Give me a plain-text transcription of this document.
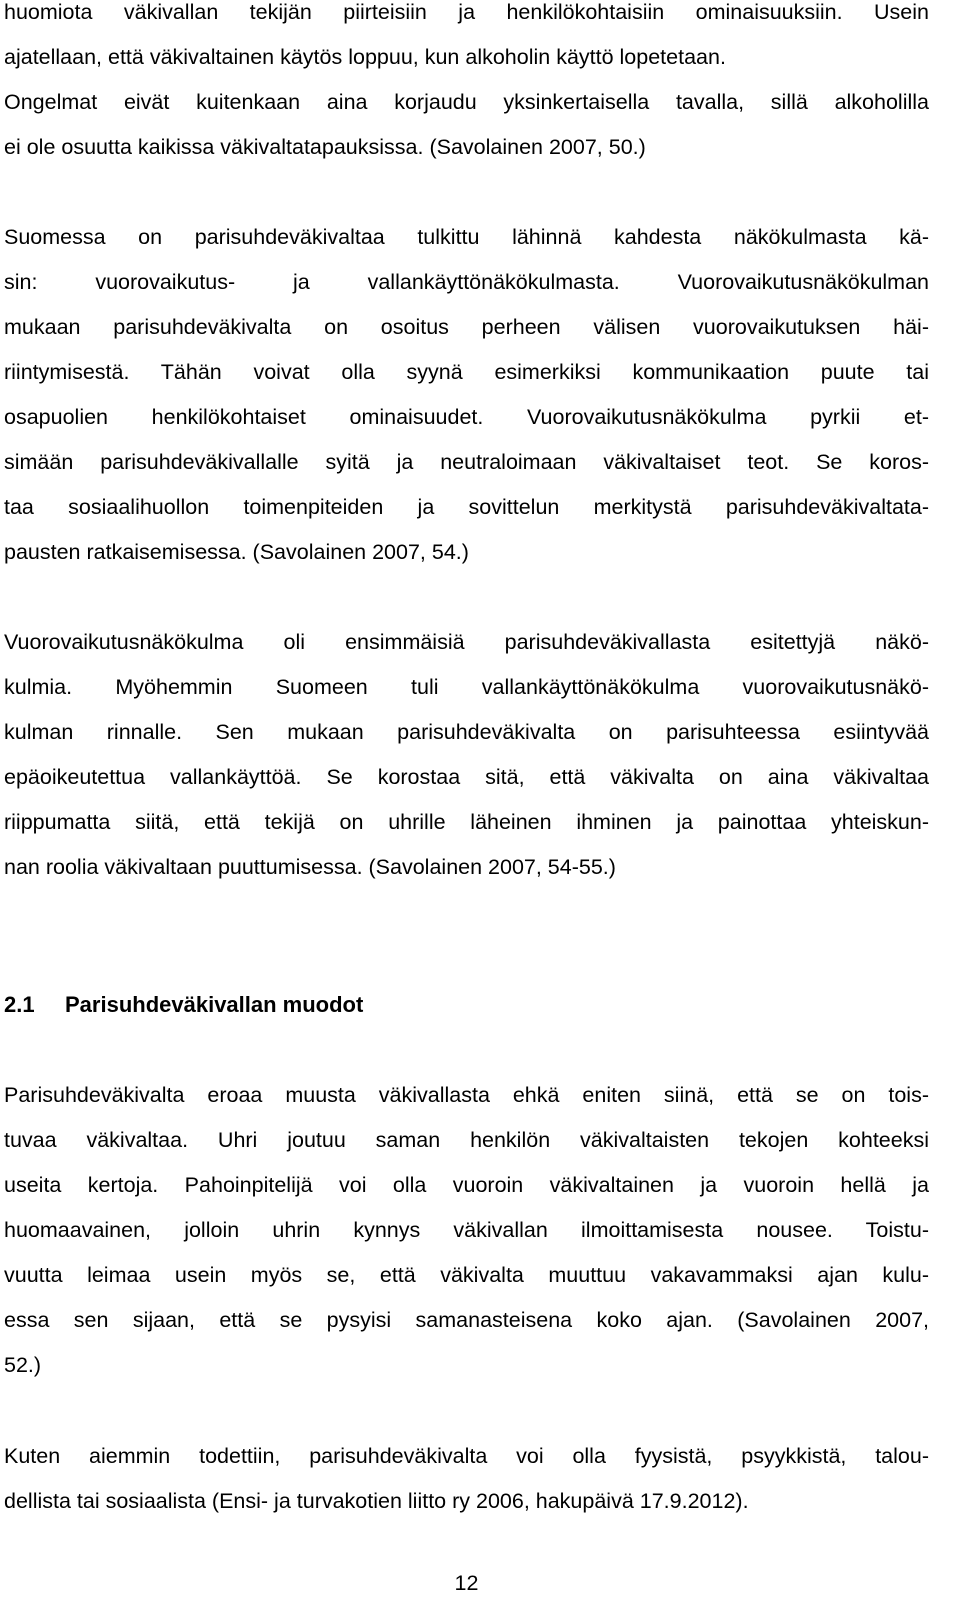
huomiota väkivallan tekijän piirteisiin ja henkilökohtaisiin ominaisuuksiin. Usein
ajatellaan, että väkivaltainen käytös loppuu, kun alkoholin käyttö lopetetaan.
Ongelmat eivät kuitenkaan aina korjaudu yksinkertaisella tavalla, sillä alkoholilla
ei ole osuutta kaikissa väkivaltatapauksissa. (Savolainen 2007, 50.)
Suomessa on parisuhdeväkivaltaa tulkittu lähinnä kahdesta näkökulmasta kä-
sin: vuorovaikutus- ja vallankäyttönäkökulmasta. Vuorovaikutusnäkökulman
mukaan parisuhdeväkivalta on osoitus perheen välisen vuorovaikutuksen häi-
riintymisestä. Tähän voivat olla syynä esimerkiksi kommunikaation puute tai
osapuolien henkilökohtaiset ominaisuudet. Vuorovaikutusnäkökulma pyrkii et-
simään parisuhdeväkivallalle syitä ja neutraloimaan väkivaltaiset teot. Se koros-
taa sosiaalihuollon toimenpiteiden ja sovittelun merkitystä parisuhdeväkivaltata-
pausten ratkaisemisessa. (Savolainen 2007, 54.)
Vuorovaikutusnäkökulma oli ensimmäisiä parisuhdeväkivallasta esitettyjä näkö-
kulmia. Myöhemmin Suomeen tuli vallankäyttönäkökulma vuorovaikutusnäkö-
kulman rinnalle. Sen mukaan parisuhdeväkivalta on parisuhteessa esiintyvää
epäoikeutettua vallankäyttöä. Se korostaa sitä, että väkivalta on aina väkivaltaa
riippumatta siitä, että tekijä on uhrille läheinen ihminen ja painottaa yhteiskun-
nan roolia väkivaltaan puuttumisessa. (Savolainen 2007, 54-55.)
2.1 Parisuhdeväkivallan muodot
Parisuhdeväkivalta eroaa muusta väkivallasta ehkä eniten siinä, että se on tois-
tuvaa väkivaltaa. Uhri joutuu saman henkilön väkivaltaisten tekojen kohteeksi
useita kertoja. Pahoinpitelijä voi olla vuoroin väkivaltainen ja vuoroin hellä ja
huomaavainen, jolloin uhrin kynnys väkivallan ilmoittamisesta nousee. Toistu-
vuutta leimaa usein myös se, että väkivalta muuttuu vakavammaksi ajan kulu-
essa sen sijaan, että se pysyisi samanasteisena koko ajan. (Savolainen 2007,
52.)
Kuten aiemmin todettiin, parisuhdeväkivalta voi olla fyysistä, psyykkistä, talou-
dellista tai sosiaalista (Ensi- ja turvakotien liitto ry 2006, hakupäivä 17.9.2012).
12
